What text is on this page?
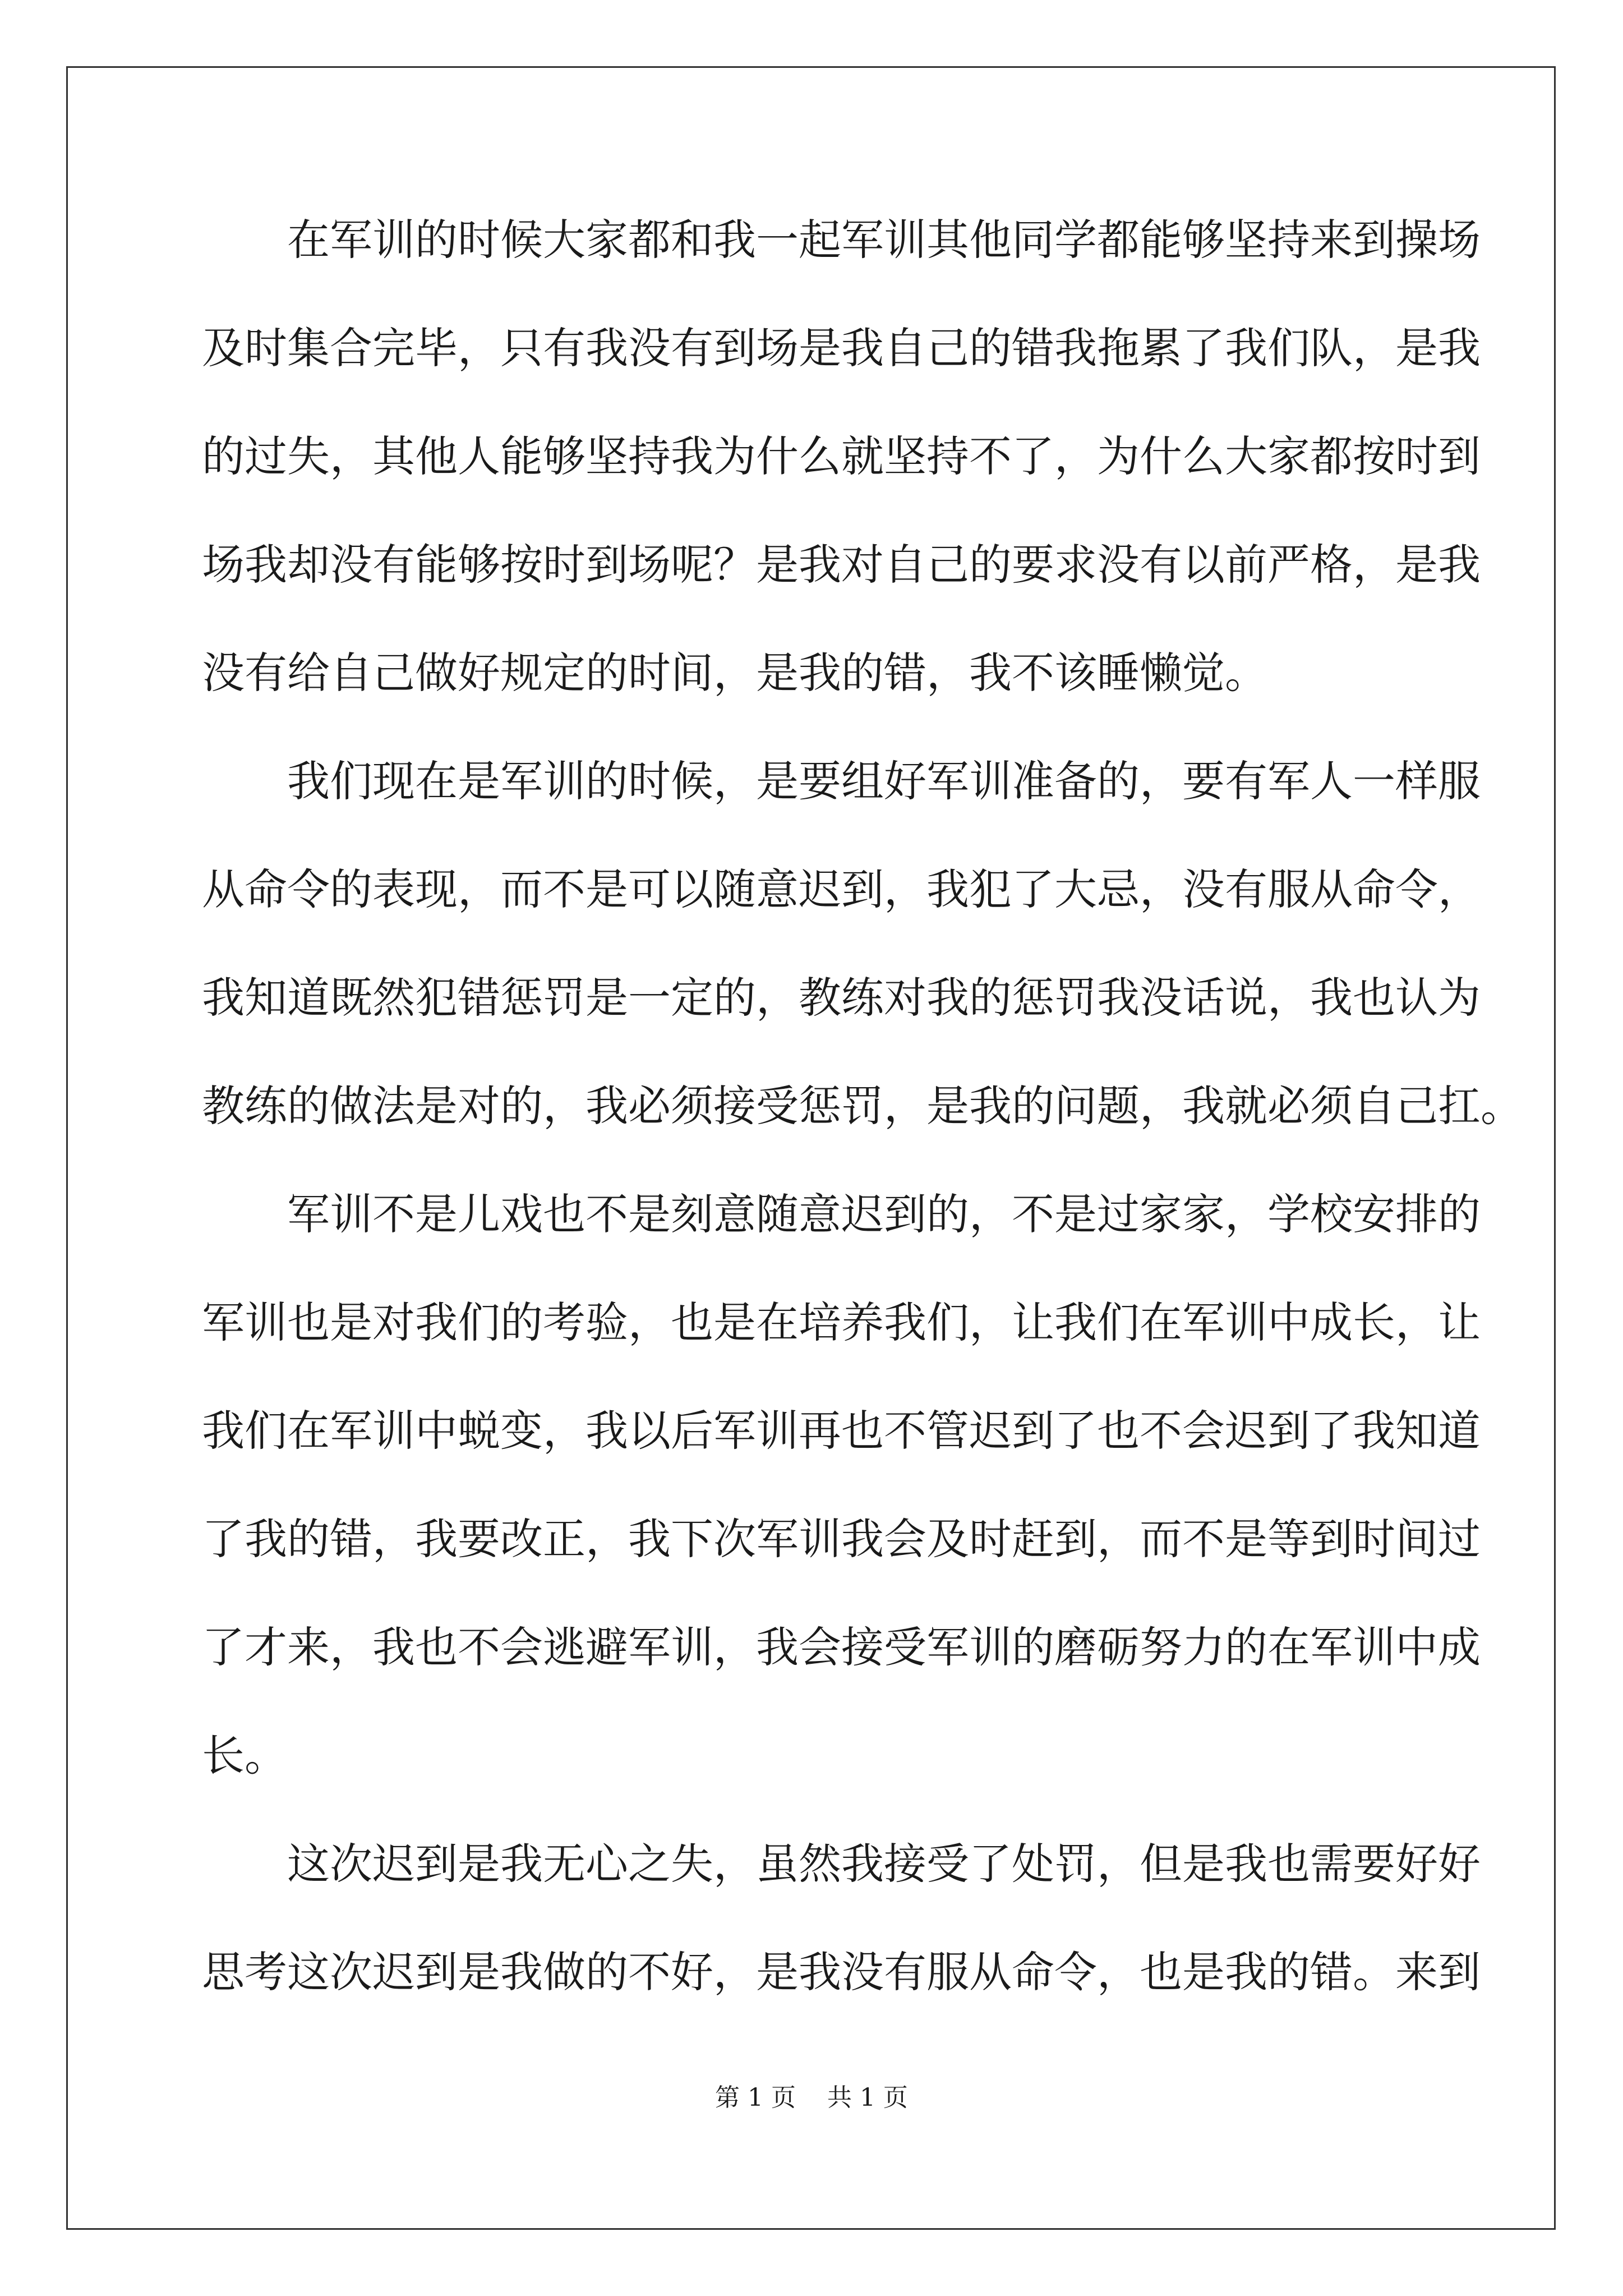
在军训的时候大家都和我一起军训其他同学都能够坚持来到操场
及时集合完毕，只有我没有到场是我自己的错我拖累了我们队，是我
的过失，其他人能够坚持我为什么就坚持不了，为什么大家都按时到
场我却没有能够按时到场呢？是我对自己的要求没有以前严格，是我
没有给自己做好规定的时间，是我的错，我不该睡懒觉。
我们现在是军训的时候，是要组好军训准备的，要有军人一样服
从命令的表现，而不是可以随意迟到，我犯了大忌，没有服从命令，
我知道既然犯错惩罚是一定的，教练对我的惩罚我没话说，我也认为
教练的做法是对的，我必须接受惩罚，是我的问题，我就必须自己扛。
军训不是儿戏也不是刻意随意迟到的，不是过家家，学校安排的
军训也是对我们的考验，也是在培养我们，让我们在军训中成长，让
我们在军训中蜕变，我以后军训再也不管迟到了也不会迟到了我知道
了我的错，我要改正，我下次军训我会及时赶到，而不是等到时间过
了才来，我也不会逃避军训，我会接受军训的磨砺努力的在军训中成
长。
这次迟到是我无心之失，虽然我接受了处罚，但是我也需要好好
思考这次迟到是我做的不好，是我没有服从命令，也是我的错。来到
第 1 页    共 1 页
